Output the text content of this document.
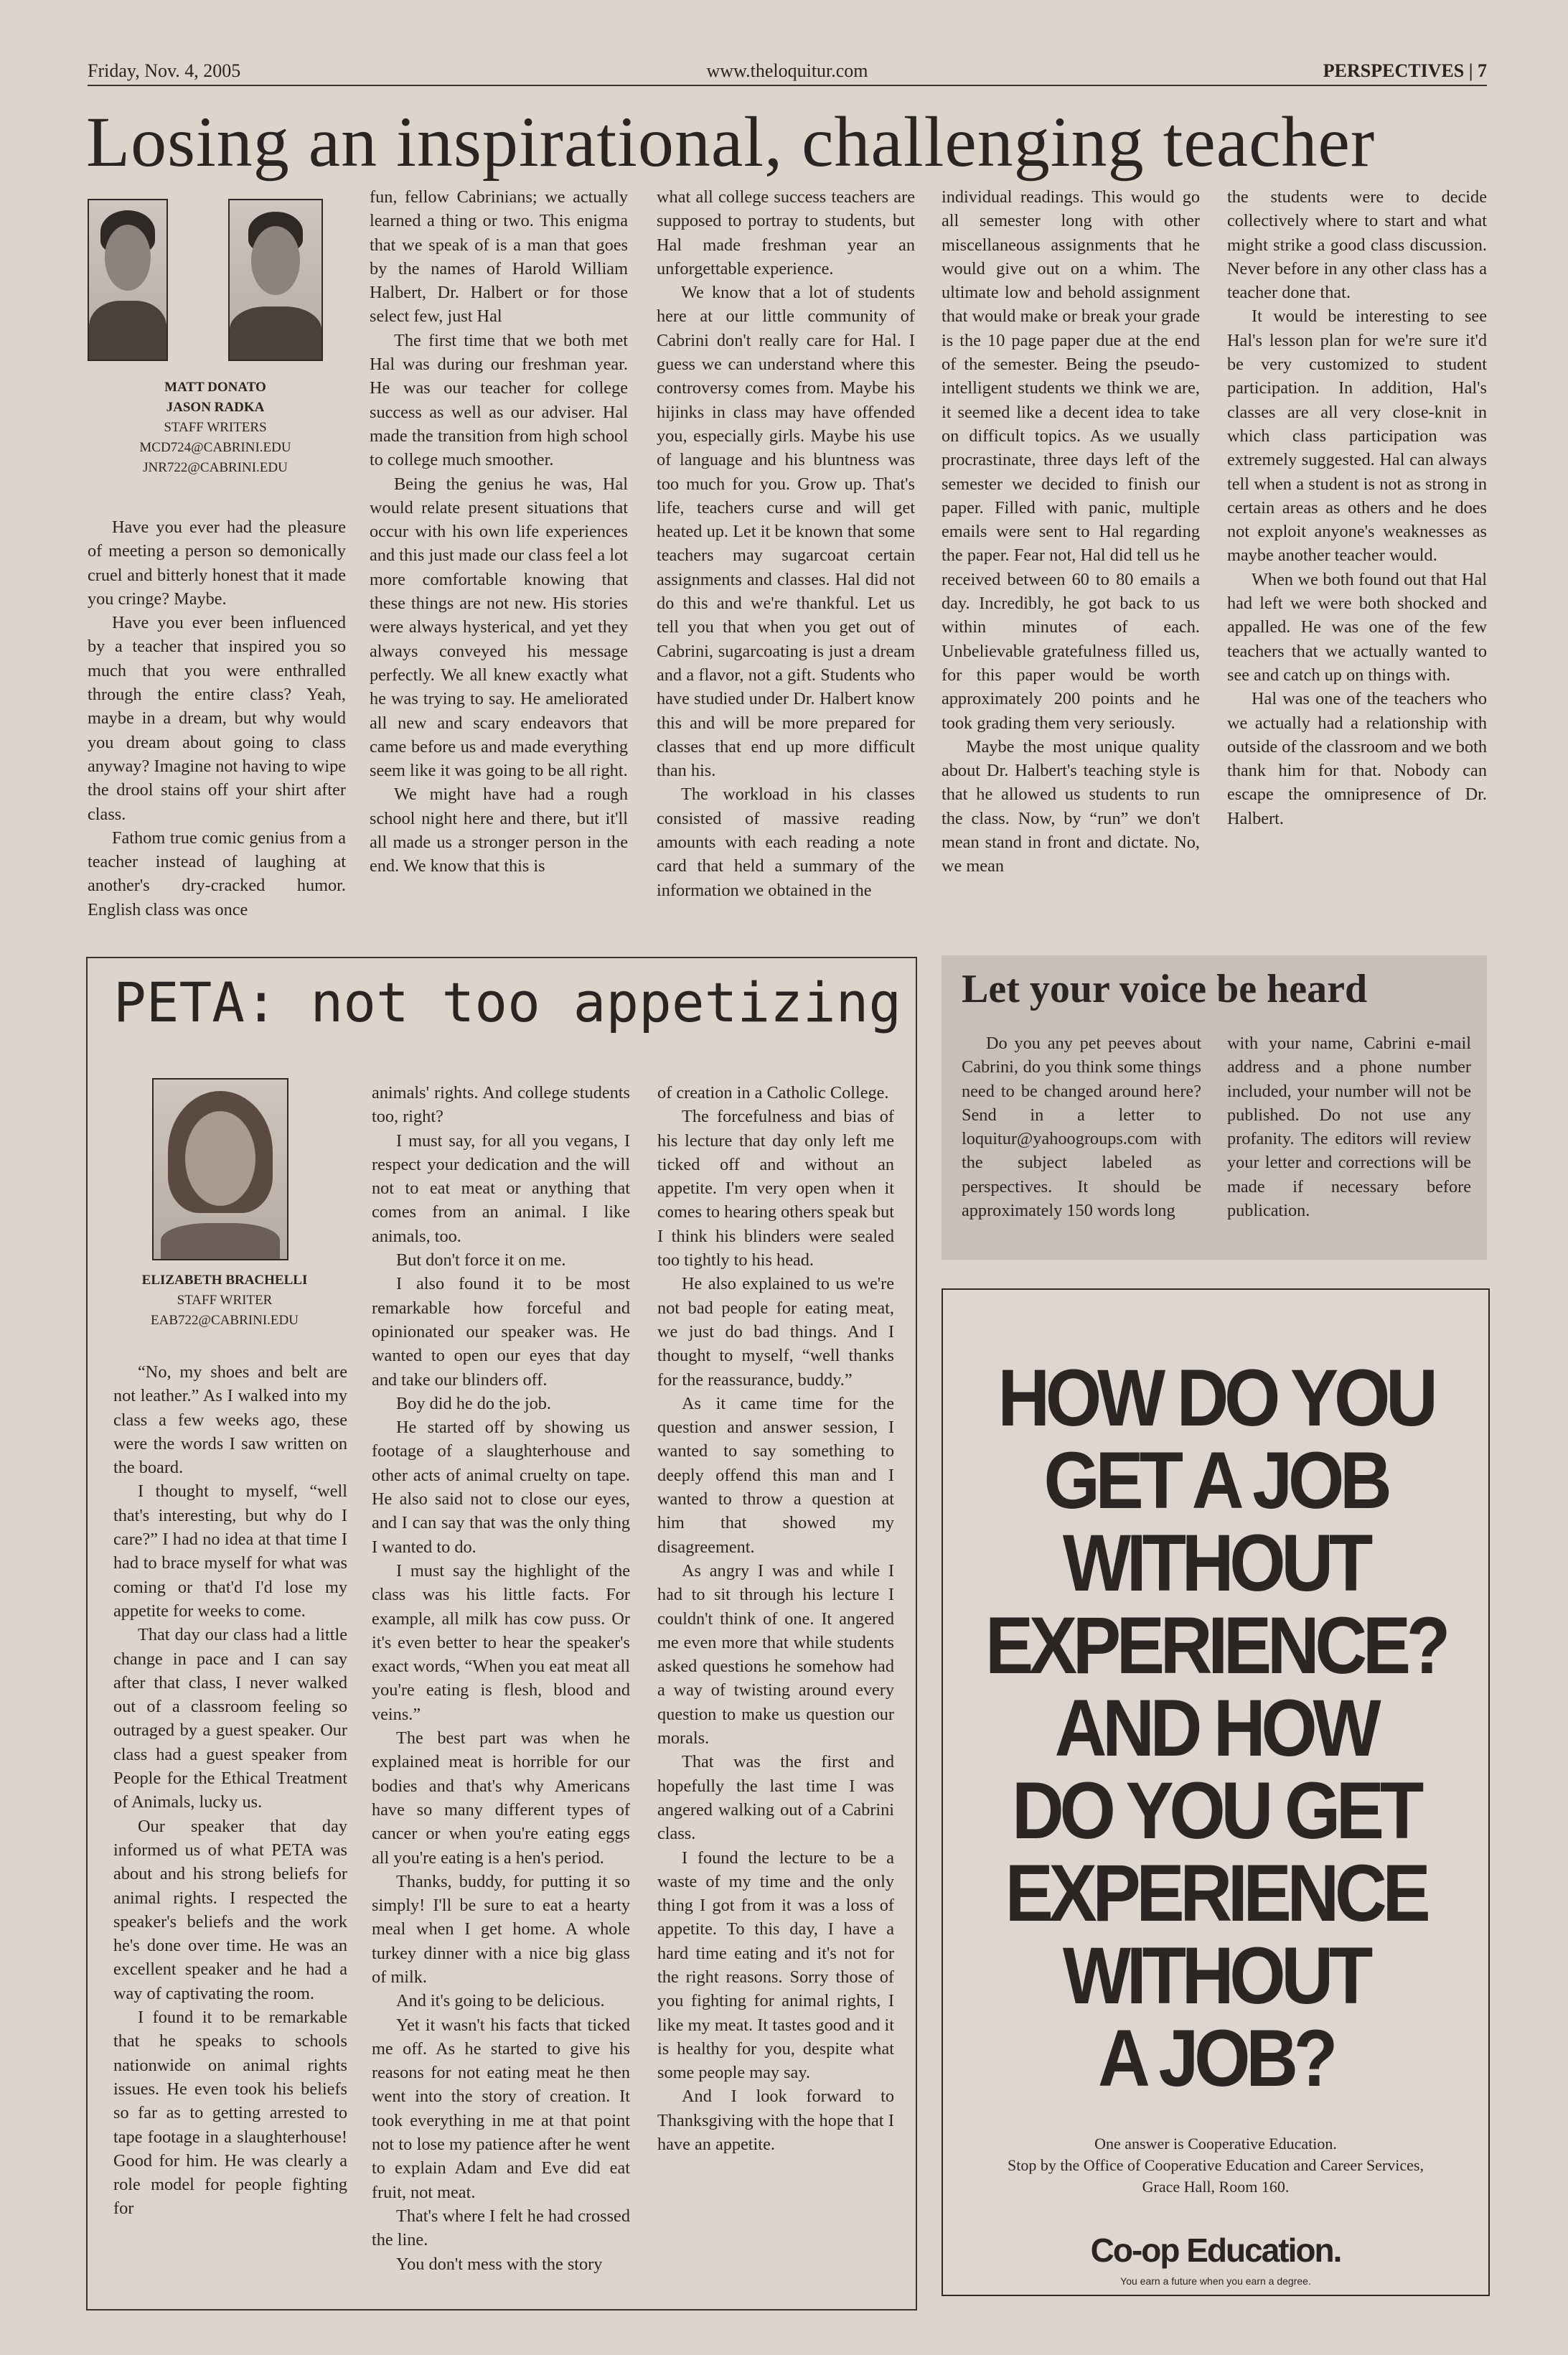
Friday, Nov. 4, 2005	www.theloquitur.com	PERSPECTIVES | 7
Losing an inspirational, challenging teacher
MATT DONATO
JASON RADKA
STAFF WRITERS
MCD724@CABRINI.EDU
JNR722@CABRINI.EDU

Have you ever had the pleasure of meeting a person so demonically cruel and bitterly honest that it made you cringe? Maybe.

Have you ever been influenced by a teacher that inspired you so much that you were enthralled through the entire class? Yeah, maybe in a dream, but why would you dream about going to class anyway? Imagine not having to wipe the drool stains off your shirt after class.

Fathom true comic genius from a teacher instead of laughing at another's dry-cracked humor. English class was once

fun, fellow Cabrinians; we actually learned a thing or two. This enigma that we speak of is a man that goes by the names of Harold William Halbert, Dr. Halbert or for those select few, just Hal

The first time that we both met Hal was during our freshman year. He was our teacher for college success as well as our adviser. Hal made the transition from high school to college much smoother.

Being the genius he was, Hal would relate present situations that occur with his own life experiences and this just made our class feel a lot more comfortable knowing that these things are not new. His stories were always hysterical, and yet they always conveyed his message perfectly. We all knew exactly what he was trying to say. He ameliorated all new and scary endeavors that came before us and made everything seem like it was going to be all right.

We might have had a rough school night here and there, but it'll all made us a stronger person in the end. We know that this is

what all college success teachers are supposed to portray to students, but Hal made freshman year an unforgettable experience.

We know that a lot of students here at our little community of Cabrini don't really care for Hal. I guess we can understand where this controversy comes from. Maybe his hijinks in class may have offended you, especially girls. Maybe his use of language and his bluntness was too much for you. Grow up. That's life, teachers curse and will get heated up. Let it be known that some teachers may sugarcoat certain assignments and classes. Hal did not do this and we're thankful. Let us tell you that when you get out of Cabrini, sugarcoating is just a dream and a flavor, not a gift. Students who have studied under Dr. Halbert know this and will be more prepared for classes that end up more difficult than his.

The workload in his classes consisted of massive reading amounts with each reading a note card that held a summary of the information we obtained in the

individual readings. This would go all semester long with other miscellaneous assignments that he would give out on a whim. The ultimate low and behold assignment that would make or break your grade is the 10 page paper due at the end of the semester. Being the pseudo-intelligent students we think we are, it seemed like a decent idea to take on difficult topics. As we usually procrastinate, three days left of the semester we decided to finish our paper. Filled with panic, multiple emails were sent to Hal regarding the paper. Fear not, Hal did tell us he received between 60 to 80 emails a day. Incredibly, he got back to us within minutes of each. Unbelievable gratefulness filled us, for this paper would be worth approximately 200 points and he took grading them very seriously.

Maybe the most unique quality about Dr. Halbert's teaching style is that he allowed us students to run the class. Now, by “run” we don't mean stand in front and dictate. No, we mean

the students were to decide collectively where to start and what might strike a good class discussion. Never before in any other class has a teacher done that.

It would be interesting to see Hal's lesson plan for we're sure it'd be very customized to student participation. In addition, Hal's classes are all very close-knit in which class participation was extremely suggested. Hal can always tell when a student is not as strong in certain areas as others and he does not exploit anyone's weaknesses as maybe another teacher would.

When we both found out that Hal had left we were both shocked and appalled. He was one of the few teachers that we actually wanted to see and catch up on things with.

Hal was one of the teachers who we actually had a relationship with outside of the classroom and we both thank him for that. Nobody can escape the omnipresence of Dr. Halbert.

PETA: not too appetizing
ELIZABETH BRACHELLI
STAFF WRITER
EAB722@CABRINI.EDU

“No, my shoes and belt are not leather.” As I walked into my class a few weeks ago, these were the words I saw written on the board.

I thought to myself, “well that's interesting, but why do I care?” I had no idea at that time I had to brace myself for what was coming or that'd I'd lose my appetite for weeks to come.

That day our class had a little change in pace and I can say after that class, I never walked out of a classroom feeling so outraged by a guest speaker. Our class had a guest speaker from People for the Ethical Treatment of Animals, lucky us.

Our speaker that day informed us of what PETA was about and his strong beliefs for animal rights. I respected the speaker's beliefs and the work he's done over time. He was an excellent speaker and he had a way of captivating the room.

I found it to be remarkable that he speaks to schools nationwide on animal rights issues. He even took his beliefs so far as to getting arrested to tape footage in a slaughterhouse! Good for him. He was clearly a role model for people fighting for

animals' rights. And college students too, right?

I must say, for all you vegans, I respect your dedication and the will not to eat meat or anything that comes from an animal. I like animals, too.

But don't force it on me.

I also found it to be most remarkable how forceful and opinionated our speaker was. He wanted to open our eyes that day and take our blinders off.

Boy did he do the job.

He started off by showing us footage of a slaughterhouse and other acts of animal cruelty on tape. He also said not to close our eyes, and I can say that was the only thing I wanted to do.

I must say the highlight of the class was his little facts. For example, all milk has cow puss. Or it's even better to hear the speaker's exact words, “When you eat meat all you're eating is flesh, blood and veins.”

The best part was when he explained meat is horrible for our bodies and that's why Americans have so many different types of cancer or when you're eating eggs all you're eating is a hen's period.

Thanks, buddy, for putting it so simply! I'll be sure to eat a hearty meal when I get home. A whole turkey dinner with a nice big glass of milk.

And it's going to be delicious.

Yet it wasn't his facts that ticked me off. As he started to give his reasons for not eating meat he then went into the story of creation. It took everything in me at that point not to lose my patience after he went to explain Adam and Eve did eat fruit, not meat.

That's where I felt he had crossed the line.

You don't mess with the story

of creation in a Catholic College.

The forcefulness and bias of his lecture that day only left me ticked off and without an appetite. I'm very open when it comes to hearing others speak but I think his blinders were sealed too tightly to his head.

He also explained to us we're not bad people for eating meat, we just do bad things. And I thought to myself, “well thanks for the reassurance, buddy.”

As it came time for the question and answer session, I wanted to say something to deeply offend this man and I wanted to throw a question at him that showed my disagreement.

As angry I was and while I had to sit through his lecture I couldn't think of one. It angered me even more that while students asked questions he somehow had a way of twisting around every question to make us question our morals.

That was the first and hopefully the last time I was angered walking out of a Cabrini class.

I found the lecture to be a waste of my time and the only thing I got from it was a loss of appetite. To this day, I have a hard time eating and it's not for the right reasons. Sorry those of you fighting for animal rights, I like my meat. It tastes good and it is healthy for you, despite what some people may say.

And I look forward to Thanksgiving with the hope that I have an appetite.

Let your voice be heard

Do you any pet peeves about Cabrini, do you think some things need to be changed around here? Send in a letter to loquitur@yahoogroups.com with the subject labeled as perspectives. It should be approximately 150 words long

with your name, Cabrini e-mail address and a phone number included, your number will not be published. Do not use any profanity. The editors will review your letter and corrections will be made if necessary before publication.

HOW DO YOU
GET A JOB
WITHOUT
EXPERIENCE?
AND HOW
DO YOU GET
EXPERIENCE
WITHOUT
A JOB?
One answer is Cooperative Education.
Stop by the Office of Cooperative Education and Career Services,
Grace Hall, Room 160.
Co-op Education.
You earn a future when you earn a degree.
